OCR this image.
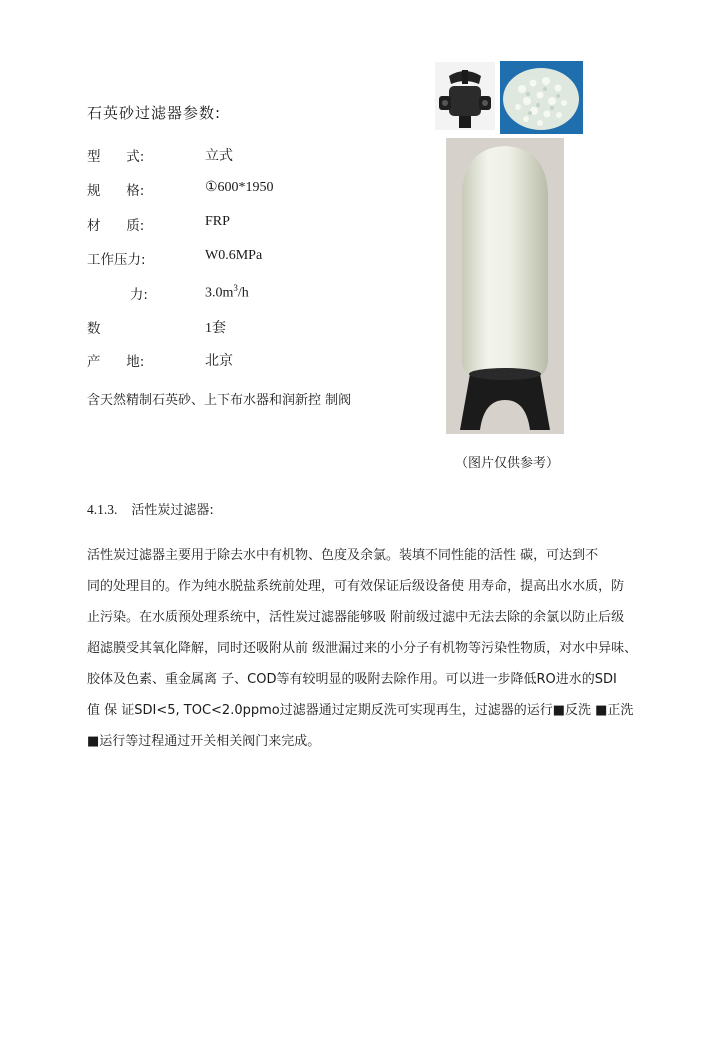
石英砂过滤器参数:
型      式:	立式
规      格:	①600*1950
材      质:	FRP
工作压力:	W0.6MPa
力:	$3.0m^3/h$
数	1套
产      地:	北京
含天然精制石英砂、上下布水器和润新控 制阀
（图片仅供参考）
4.1.3. 活性炭过滤器:
活性炭过滤器主要用于除去水中有机物、色度及余氯。装填不同性能的活性 碳，可达到不
同的处理目的。作为纯水脱盐系统前处理，可有效保证后级设备使 用寿命，提高出水水质，防
止污染。在水质预处理系统中，活性炭过滤器能够吸 附前级过滤中无法去除的余氯以防止后级
超滤膜受其氧化降解，同时还吸附从前 级泄漏过来的小分子有机物等污染性物质，对水中异味、
胶体及色素、重金属离 子、COD等有较明显的吸附去除作用。可以进一步降低RO进水的SDI
值 保 证SDI<5, TOC<2.0ppmo过滤器通过定期反洗可实现再生，过滤器的运行■反洗 ■正洗
■运行等过程通过开关相关阀门来完成。
